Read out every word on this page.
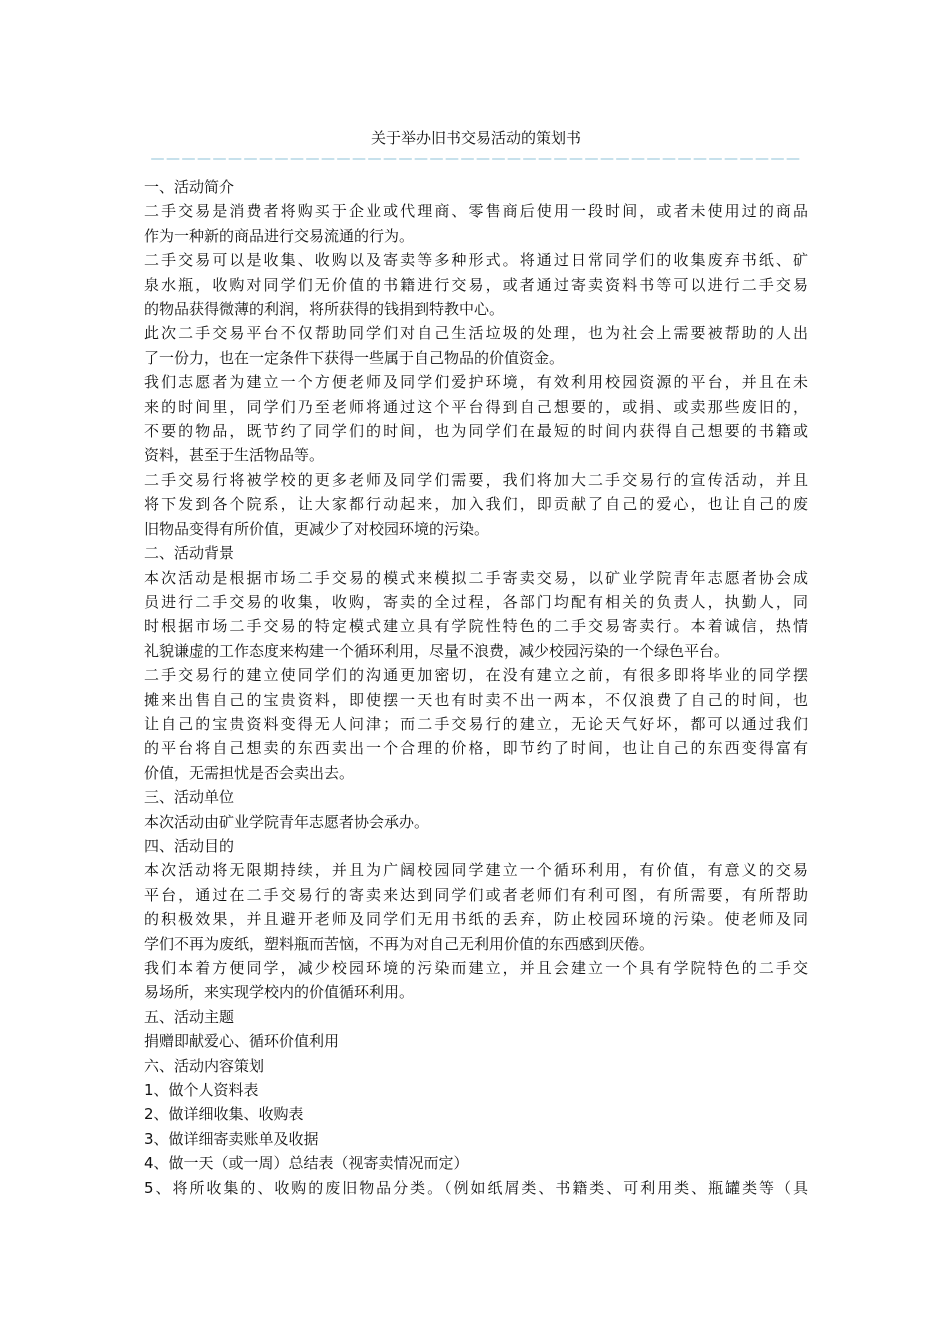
关于举办旧书交易活动的策划书
——————————————————————————————————————————

一、活动简介

二手交易是消费者将购买于企业或代理商、零售商后使用一段时间，或者未使用过的商品

作为一种新的商品进行交易流通的行为。

二手交易可以是收集、收购以及寄卖等多种形式。将通过日常同学们的收集废弃书纸、矿

泉水瓶，收购对同学们无价值的书籍进行交易，或者通过寄卖资料书等可以进行二手交易

的物品获得微薄的利润，将所获得的钱捐到特教中心。

此次二手交易平台不仅帮助同学们对自己生活垃圾的处理，也为社会上需要被帮助的人出

了一份力，也在一定条件下获得一些属于自己物品的价值资金。

我们志愿者为建立一个方便老师及同学们爱护环境，有效利用校园资源的平台，并且在未

来的时间里，同学们乃至老师将通过这个平台得到自己想要的，或捐、或卖那些废旧的，

不要的物品，既节约了同学们的时间，也为同学们在最短的时间内获得自己想要的书籍或

资料，甚至于生活物品等。

二手交易行将被学校的更多老师及同学们需要，我们将加大二手交易行的宣传活动，并且

将下发到各个院系，让大家都行动起来，加入我们，即贡献了自己的爱心，也让自己的废

旧物品变得有所价值，更减少了对校园环境的污染。

二、活动背景

本次活动是根据市场二手交易的模式来模拟二手寄卖交易，以矿业学院青年志愿者协会成

员进行二手交易的收集，收购，寄卖的全过程，各部门均配有相关的负责人，执勤人，同

时根据市场二手交易的特定模式建立具有学院性特色的二手交易寄卖行。本着诚信，热情

礼貌谦虚的工作态度来构建一个循环利用，尽量不浪费，减少校园污染的一个绿色平台。

二手交易行的建立使同学们的沟通更加密切，在没有建立之前，有很多即将毕业的同学摆

摊来出售自己的宝贵资料，即使摆一天也有时卖不出一两本，不仅浪费了自己的时间，也

让自己的宝贵资料变得无人问津；而二手交易行的建立，无论天气好坏，都可以通过我们

的平台将自己想卖的东西卖出一个合理的价格，即节约了时间，也让自己的东西变得富有

价值，无需担忧是否会卖出去。

三、活动单位

本次活动由矿业学院青年志愿者协会承办。

四、活动目的

本次活动将无限期持续，并且为广阔校园同学建立一个循环利用，有价值，有意义的交易

平台，通过在二手交易行的寄卖来达到同学们或者老师们有利可图，有所需要，有所帮助

的积极效果，并且避开老师及同学们无用书纸的丢弃，防止校园环境的污染。使老师及同

学们不再为废纸，塑料瓶而苦恼，不再为对自己无利用价值的东西感到厌倦。

我们本着方便同学，减少校园环境的污染而建立，并且会建立一个具有学院特色的二手交

易场所，来实现学校内的价值循环利用。

五、活动主题

捐赠即献爱心、循环价值利用

六、活动内容策划

1、做个人资料表

2、做详细收集、收购表

3、做详细寄卖账单及收据

4、做一天（或一周）总结表（视寄卖情况而定）

5、将所收集的、收购的废旧物品分类。（例如纸屑类、书籍类、可利用类、瓶罐类等（具
